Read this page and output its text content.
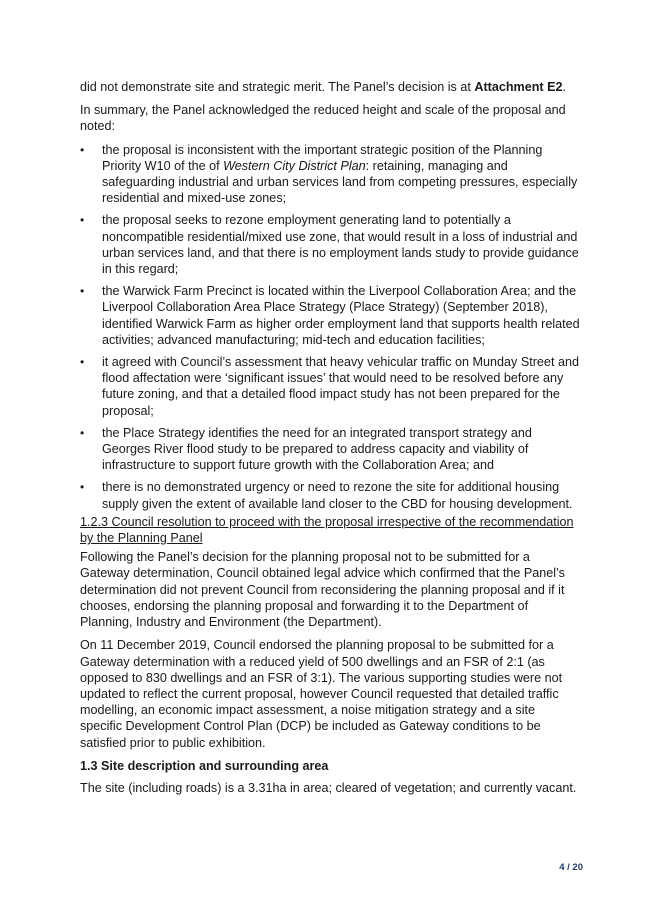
did not demonstrate site and strategic merit. The Panel’s decision is at Attachment E2.

In summary, the Panel acknowledged the reduced height and scale of the proposal and noted:

• the proposal is inconsistent with the important strategic position of the Planning Priority W10 of the of Western City District Plan: retaining, managing and safeguarding industrial and urban services land from competing pressures, especially residential and mixed-use zones;
• the proposal seeks to rezone employment generating land to potentially a noncompatible residential/mixed use zone, that would result in a loss of industrial and urban services land, and that there is no employment lands study to provide guidance in this regard;
• the Warwick Farm Precinct is located within the Liverpool Collaboration Area; and the Liverpool Collaboration Area Place Strategy (Place Strategy) (September 2018), identified Warwick Farm as higher order employment land that supports health related activities; advanced manufacturing; mid-tech and education facilities;
• it agreed with Council’s assessment that heavy vehicular traffic on Munday Street and flood affectation were ‘significant issues’ that would need to be resolved before any future zoning, and that a detailed flood impact study has not been prepared for the proposal;
• the Place Strategy identifies the need for an integrated transport strategy and Georges River flood study to be prepared to address capacity and viability of infrastructure to support future growth with the Collaboration Area; and
• there is no demonstrated urgency or need to rezone the site for additional housing supply given the extent of available land closer to the CBD for housing development.

1.2.3 Council resolution to proceed with the proposal irrespective of the recommendation by the Planning Panel

Following the Panel’s decision for the planning proposal not to be submitted for a Gateway determination, Council obtained legal advice which confirmed that the Panel’s determination did not prevent Council from reconsidering the planning proposal and if it chooses, endorsing the planning proposal and forwarding it to the Department of Planning, Industry and Environment (the Department).

On 11 December 2019, Council endorsed the planning proposal to be submitted for a Gateway determination with a reduced yield of 500 dwellings and an FSR of 2:1 (as opposed to 830 dwellings and an FSR of 3:1). The various supporting studies were not updated to reflect the current proposal, however Council requested that detailed traffic modelling, an economic impact assessment, a noise mitigation strategy and a site specific Development Control Plan (DCP) be included as Gateway conditions to be satisfied prior to public exhibition.

1.3 Site description and surrounding area

The site (including roads) is a 3.31ha in area; cleared of vegetation; and currently vacant.

4 / 20
